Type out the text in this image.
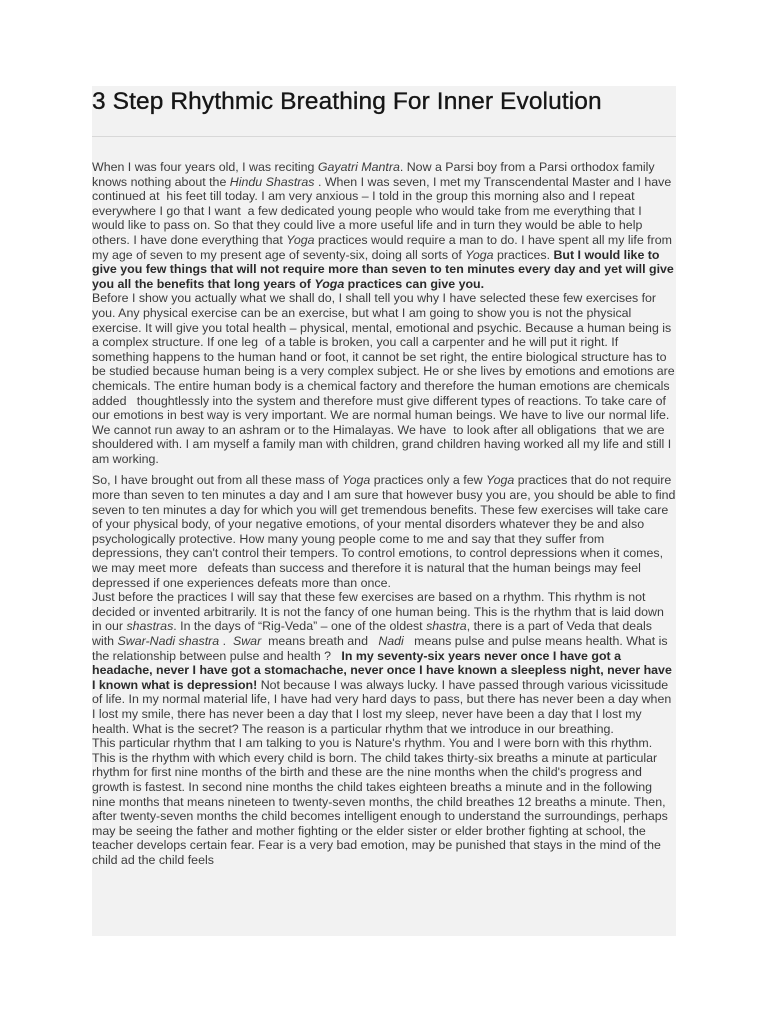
3 Step Rhythmic Breathing For Inner Evolution

When I was four years old, I was reciting Gayatri Mantra. Now a Parsi boy from a Parsi orthodox family knows nothing about the Hindu Shastras . When I was seven, I met my Transcendental Master and I have continued at  his feet till today. I am very anxious – I told in the group this morning also and I repeat everywhere I go that I want  a few dedicated young people who would take from me everything that I would like to pass on. So that they could live a more useful life and in turn they would be able to help others. I have done everything that Yoga practices would require a man to do. I have spent all my life from my age of seven to my present age of seventy-six, doing all sorts of Yoga practices. But I would like to give you few things that will not require more than seven to ten minutes every day and yet will give you all the benefits that long years of Yoga practices can give you.

Before I show you actually what we shall do, I shall tell you why I have selected these few exercises for you. Any physical exercise can be an exercise, but what I am going to show you is not the physical exercise. It will give you total health – physical, mental, emotional and psychic. Because a human being is a complex structure. If one leg  of a table is broken, you call a carpenter and he will put it right. If something happens to the human hand or foot, it cannot be set right, the entire biological structure has to be studied because human being is a very complex subject. He or she lives by emotions and emotions are chemicals. The entire human body is a chemical factory and therefore the human emotions are chemicals added   thoughtlessly into the system and therefore must give different types of reactions. To take care of our emotions in best way is very important. We are normal human beings. We have to live our normal life. We cannot run away to an ashram or to the Himalayas. We have  to look after all obligations  that we are shouldered with. I am myself a family man with children, grand children having worked all my life and still I am working.

So, I have brought out from all these mass of Yoga practices only a few Yoga practices that do not require more than seven to ten minutes a day and I am sure that however busy you are, you should be able to find seven to ten minutes a day for which you will get tremendous benefits. These few exercises will take care of your physical body, of your negative emotions, of your mental disorders whatever they be and also psychologically protective. How many young people come to me and say that they suffer from depressions, they can't control their tempers. To control emotions, to control depressions when it comes, we may meet more   defeats than success and therefore it is natural that the human beings may feel depressed if one experiences defeats more than once.

Just before the practices I will say that these few exercises are based on a rhythm. This rhythm is not decided or invented arbitrarily. It is not the fancy of one human being. This is the rhythm that is laid down in our shastras. In the days of “Rig-Veda” – one of the oldest shastra, there is a part of Veda that deals with Swar-Nadi shastra .  Swar  means breath and   Nadi   means pulse and pulse means health. What is the relationship between pulse and health ?   In my seventy-six years never once I have got a headache, never I have got a stomachache, never once I have known a sleepless night, never have I known what is depression! Not because I was always lucky. I have passed through various vicissitude of life. In my normal material life, I have had very hard days to pass, but there has never been a day when I lost my smile, there has never been a day that I lost my sleep, never have been a day that I lost my health. What is the secret? The reason is a particular rhythm that we introduce in our breathing.

This particular rhythm that I am talking to you is Nature's rhythm. You and I were born with this rhythm. This is the rhythm with which every child is born. The child takes thirty-six breaths a minute at particular rhythm for first nine months of the birth and these are the nine months when the child's progress and growth is fastest. In second nine months the child takes eighteen breaths a minute and in the following nine months that means nineteen to twenty-seven months, the child breathes 12 breaths a minute. Then, after twenty-seven months the child becomes intelligent enough to understand the surroundings, perhaps may be seeing the father and mother fighting or the elder sister or elder brother fighting at school, the teacher develops certain fear. Fear is a very bad emotion, may be punished that stays in the mind of the child ad the child feels
